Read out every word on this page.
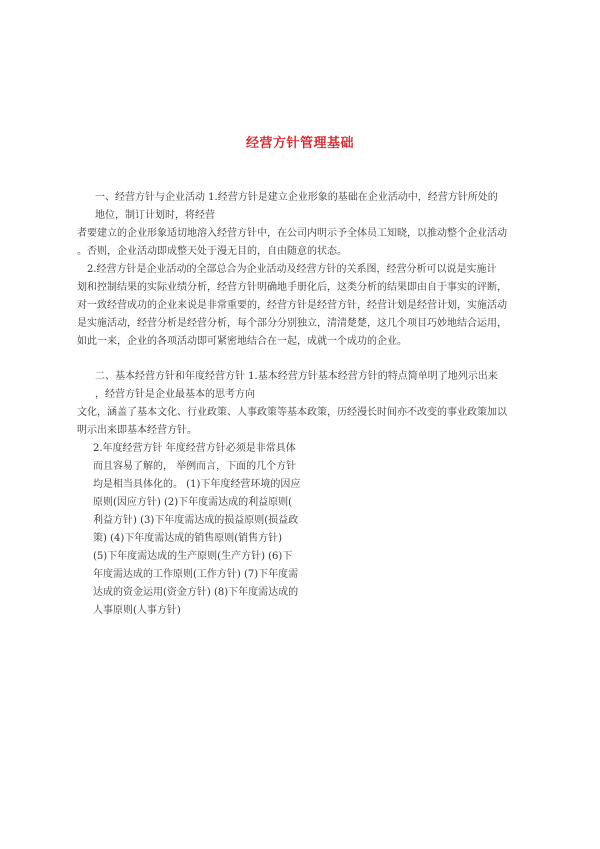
经营方针管理基础
一、经营方针与企业活动 1.经营方针是建立企业形象的基础在企业活动中，经营方针所处的
地位，制订计划时，将经营
者要建立的企业形象适切地溶入经营方针中，在公司内明示予全体员工知晓，以推动整个企业活动
。否则，企业活动即成整天处于漫无目的，自由随意的状态。
2.经营方针是企业活动的全部总合为企业活动及经营方针的关系图，经营分析可以说是实施计
划和控制结果的实际业绩分析，经营方针明确地手册化后，这类分析的结果即由自于事实的评断，
对一致经营成功的企业来说是非常重要的，经营方针是经营方针，经营计划是经营计划，实施活动
是实施活动，经营分析是经营分析，每个部分分别独立，清清楚楚，这几个项目巧妙地结合运用，
如此一来，企业的各项活动即可紧密地结合在一起，成就一个成功的企业。
二、基本经营方针和年度经营方针 1.基本经营方针基本经营方针的特点简单明了地列示出来
，经营方针是企业最基本的思考方向
文化，涵盖了基本文化、行业政策、人事政策等基本政策，历经漫长时间亦不改变的事业政策加以
明示出来即基本经营方针。
2.年度经营方针 年度经营方针必须是非常具体
而且容易了解的， 举例而言，下面的几个方针
均是相当具体化的。 (1)下年度经营环境的因应
原则(因应方针) (2)下年度需达成的利益原则(
利益方针) (3)下年度需达成的损益原则(损益政
策) (4)下年度需达成的销售原则(销售方针)
(5)下年度需达成的生产原则(生产方针) (6)下
年度需达成的工作原则(工作方针) (7)下年度需
达成的资金运用(资金方针) (8)下年度需达成的
人事原则(人事方针)
